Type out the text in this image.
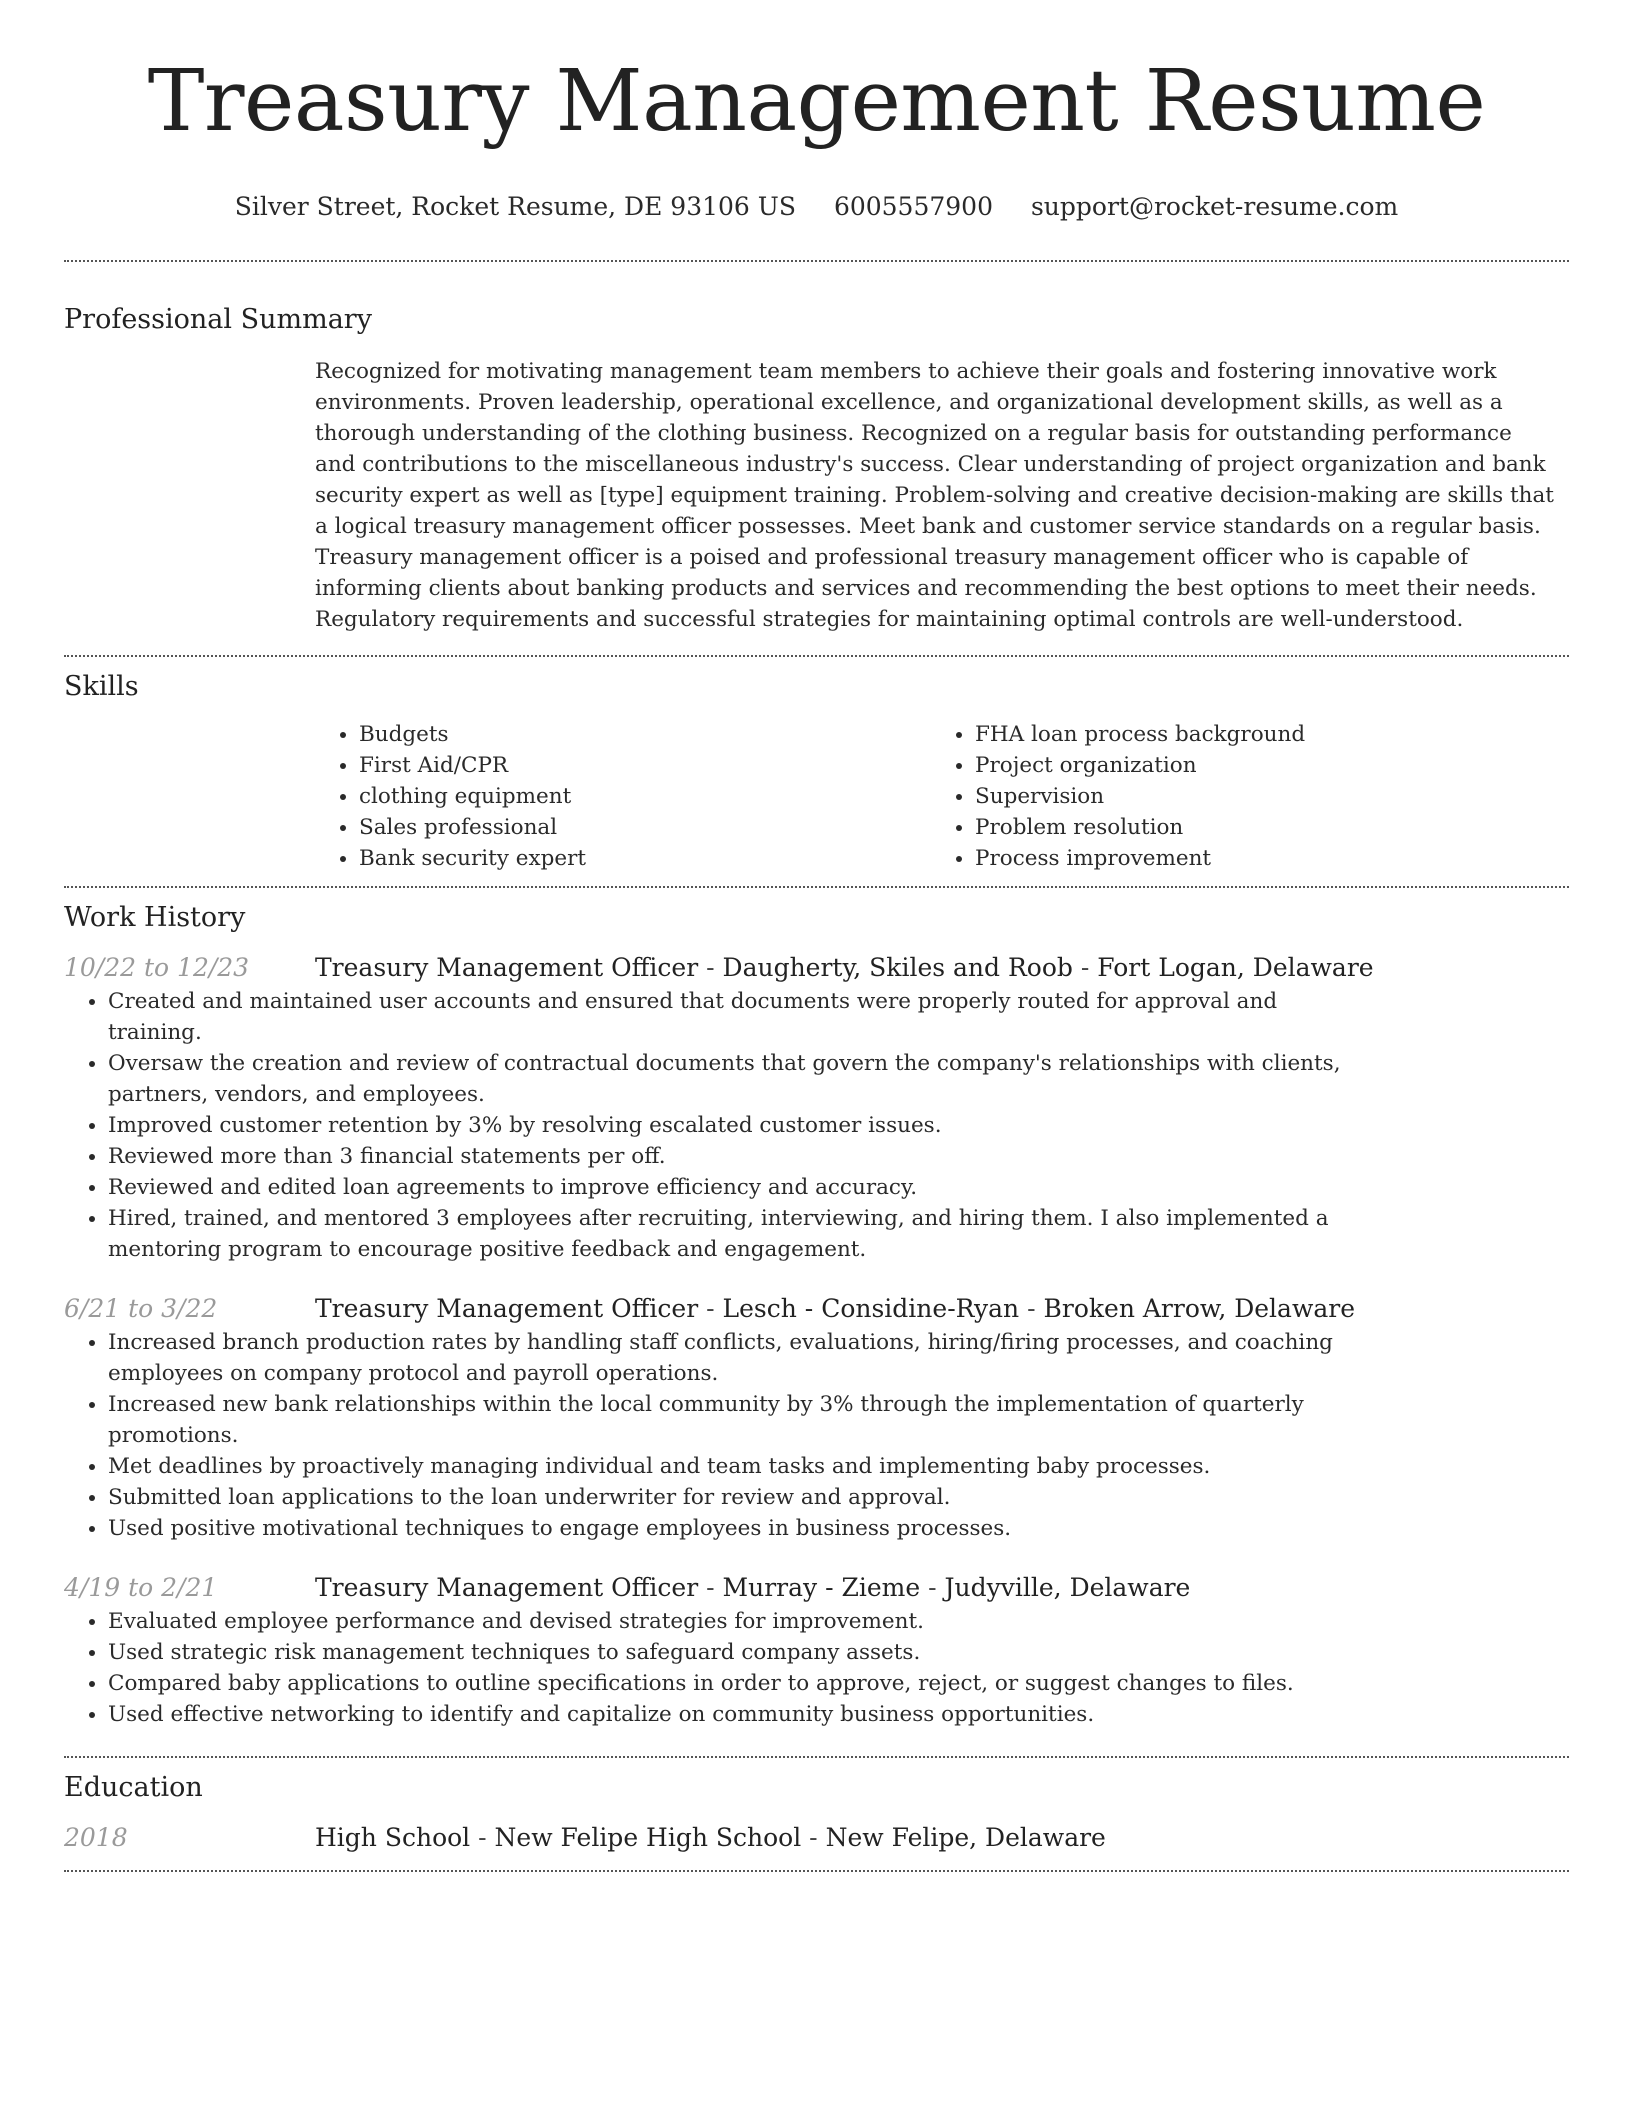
Treasury Management Resume
Silver Street, Rocket Resume, DE 93106 US 6005557900 support@rocket-resume.com
Professional Summary
Recognized for motivating management team members to achieve their goals and fostering innovative work environments. Proven leadership, operational excellence, and organizational development skills, as well as a thorough understanding of the clothing business. Recognized on a regular basis for outstanding performance and contributions to the miscellaneous industry's success. Clear understanding of project organization and bank security expert as well as [type] equipment training. Problem-solving and creative decision-making are skills that a logical treasury management officer possesses. Meet bank and customer service standards on a regular basis. Treasury management officer is a poised and professional treasury management officer who is capable of informing clients about banking products and services and recommending the best options to meet their needs. Regulatory requirements and successful strategies for maintaining optimal controls are well-understood.
Skills
• Budgets
• First Aid/CPR
• clothing equipment
• Sales professional
• Bank security expert
• FHA loan process background
• Project organization
• Supervision
• Problem resolution
• Process improvement
Work History
10/22 to 12/23	Treasury Management Officer - Daugherty, Skiles and Roob - Fort Logan, Delaware
• Created and maintained user accounts and ensured that documents were properly routed for approval and training.
• Oversaw the creation and review of contractual documents that govern the company's relationships with clients, partners, vendors, and employees.
• Improved customer retention by 3% by resolving escalated customer issues.
• Reviewed more than 3 financial statements per off.
• Reviewed and edited loan agreements to improve efficiency and accuracy.
• Hired, trained, and mentored 3 employees after recruiting, interviewing, and hiring them. I also implemented a mentoring program to encourage positive feedback and engagement.
6/21 to 3/22	Treasury Management Officer - Lesch - Considine-Ryan - Broken Arrow, Delaware
• Increased branch production rates by handling staff conflicts, evaluations, hiring/firing processes, and coaching employees on company protocol and payroll operations.
• Increased new bank relationships within the local community by 3% through the implementation of quarterly promotions.
• Met deadlines by proactively managing individual and team tasks and implementing baby processes.
• Submitted loan applications to the loan underwriter for review and approval.
• Used positive motivational techniques to engage employees in business processes.
4/19 to 2/21	Treasury Management Officer - Murray - Zieme - Judyville, Delaware
• Evaluated employee performance and devised strategies for improvement.
• Used strategic risk management techniques to safeguard company assets.
• Compared baby applications to outline specifications in order to approve, reject, or suggest changes to files.
• Used effective networking to identify and capitalize on community business opportunities.
Education
2018	High School - New Felipe High School - New Felipe, Delaware
